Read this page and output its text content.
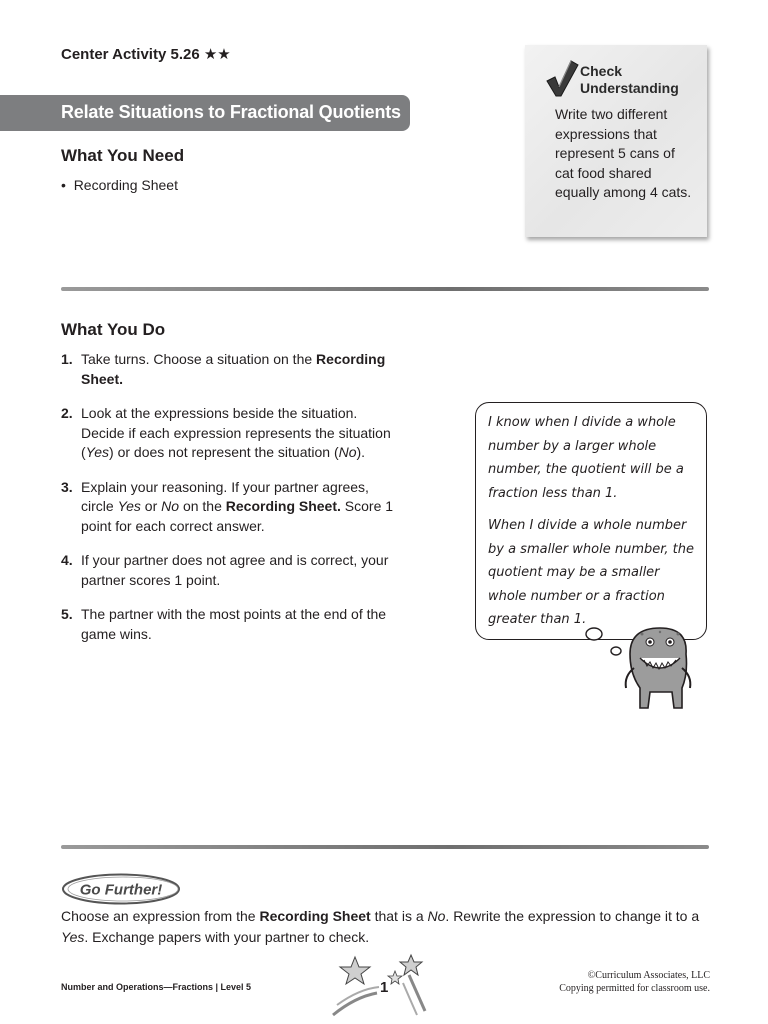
Center Activity 5.26 ★★
Relate Situations to Fractional Quotients
What You Need
•  Recording Sheet
Check
Understanding
Write two different expressions that represent 5 cans of cat food shared equally among 4 cats.
What You Do
1. Take turns. Choose a situation on the Recording Sheet.
2. Look at the expressions beside the situation. Decide if each expression represents the situation (Yes) or does not represent the situation (No).
3. Explain your reasoning. If your partner agrees, circle Yes or No on the Recording Sheet. Score 1 point for each correct answer.
4. If your partner does not agree and is correct, your partner scores 1 point.
5. The partner with the most points at the end of the game wins.

I know when I divide a whole number by a larger whole number, the quotient will be a fraction less than 1.

When I divide a whole number by a smaller whole number, the quotient may be a smaller whole number or a fraction greater than 1.

Go Further!
Choose an expression from the Recording Sheet that is a No. Rewrite the expression to change it to a Yes. Exchange papers with your partner to check.
Number and Operations—Fractions | Level 5	1
©Curriculum Associates, LLC
Copying permitted for classroom use.
